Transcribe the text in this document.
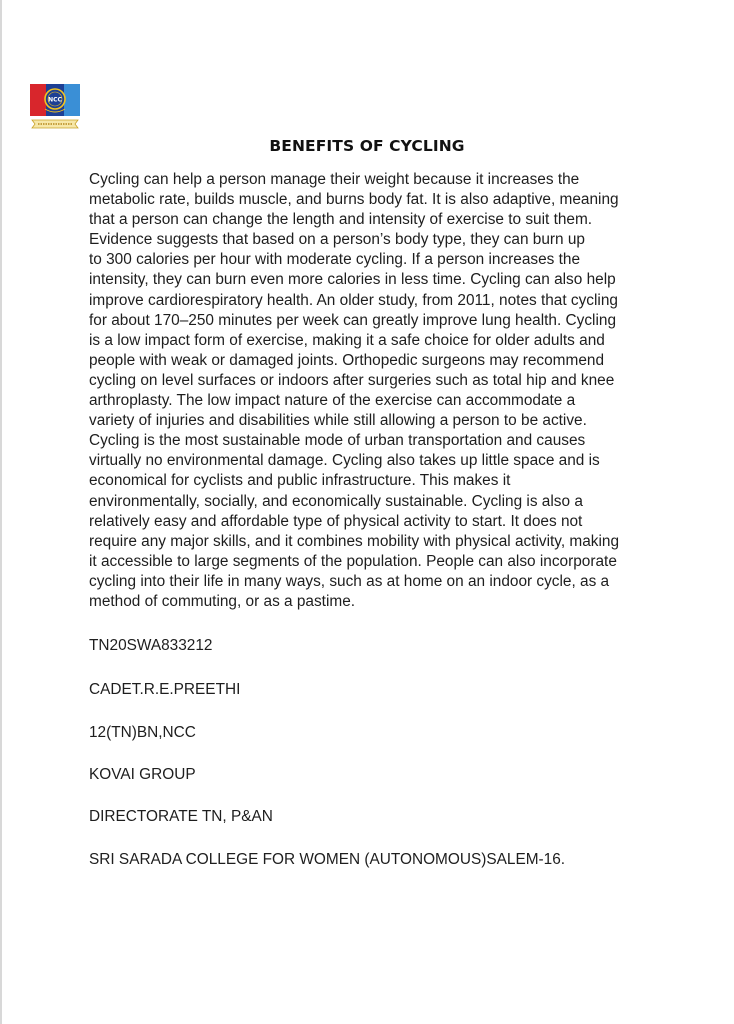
NCC
BENEFITS OF CYCLING
Cycling can help a person manage their weight because it increases the
metabolic rate, builds muscle, and burns body fat. It is also adaptive, meaning
that a person can change the length and intensity of exercise to suit them.
Evidence suggests that based on a person’s body type, they can burn up
to 300 calories per hour with moderate cycling. If a person increases the
intensity, they can burn even more calories in less time. Cycling can also help
improve cardiorespiratory health. An older study, from 2011, notes that cycling
for about 170–250 minutes per week can greatly improve lung health. Cycling
is a low impact form of exercise, making it a safe choice for older adults and
people with weak or damaged joints. Orthopedic surgeons may recommend
cycling on level surfaces or indoors after surgeries such as total hip and knee
arthroplasty. The low impact nature of the exercise can accommodate a
variety of injuries and disabilities while still allowing a person to be active.
Cycling is the most sustainable mode of urban transportation and causes
virtually no environmental damage. Cycling also takes up little space and is
economical for cyclists and public infrastructure. This makes it
environmentally, socially, and economically sustainable. Cycling is also a
relatively easy and affordable type of physical activity to start. It does not
require any major skills, and it combines mobility with physical activity, making
it accessible to large segments of the population. People can also incorporate
cycling into their life in many ways, such as at home on an indoor cycle, as a
method of commuting, or as a pastime.
TN20SWA833212
CADET.R.E.PREETHI
12(TN)BN,NCC
KOVAI GROUP
DIRECTORATE TN, P&AN
SRI SARADA COLLEGE FOR WOMEN (AUTONOMOUS)SALEM-16.
